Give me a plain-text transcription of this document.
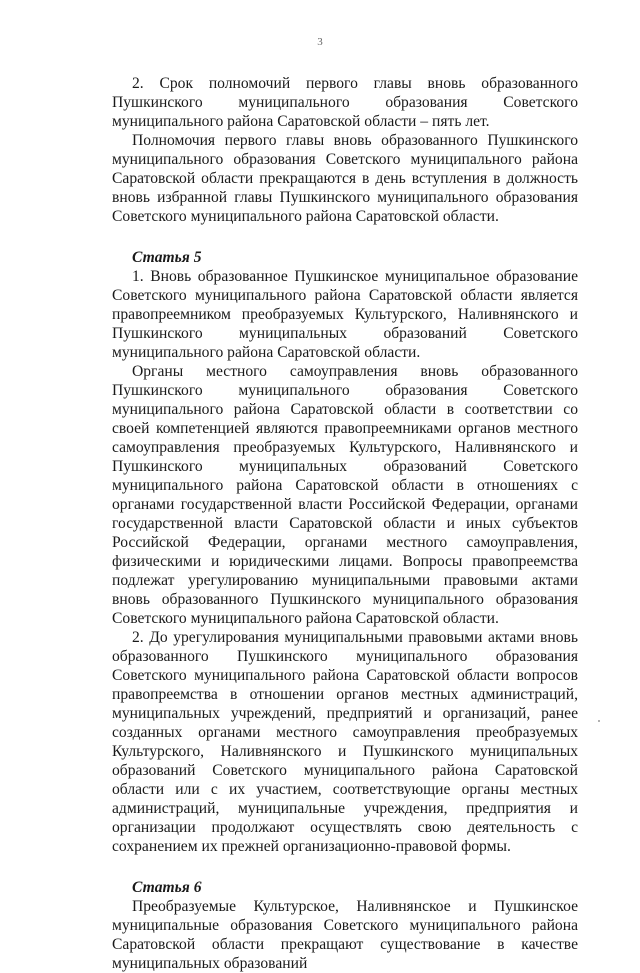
3

2. Срок полномочий первого главы вновь образованного Пушкинского муниципального образования Советского муниципального района Саратовской области – пять лет.

Полномочия первого главы вновь образованного Пушкинского муниципального образования Советского муниципального района Саратовской области прекращаются в день вступления в должность вновь избранной главы Пушкинского муниципального образования Советского муниципального района Саратовской области.

Статья 5

1. Вновь образованное Пушкинское муниципальное образование Советского муниципального района Саратовской области является правопреемником преобразуемых Культурского, Наливнянского и Пушкинского муниципальных образований Советского муниципального района Саратовской области.

Органы местного самоуправления вновь образованного Пушкинского муниципального образования Советского муниципального района Саратовской области в соответствии со своей компетенцией являются правопреемниками органов местного самоуправления преобразуемых Культурского, Наливнянского и Пушкинского муниципальных образований Советского муниципального района Саратовской области в отношениях с органами государственной власти Российской Федерации, органами государственной власти Саратовской области и иных субъектов Российской Федерации, органами местного самоуправления, физическими и юридическими лицами. Вопросы правопреемства подлежат урегулированию муниципальными правовыми актами вновь образованного Пушкинского муниципального образования Советского муниципального района Саратовской области.

2. До урегулирования муниципальными правовыми актами вновь образованного Пушкинского муниципального образования Советского муниципального района Саратовской области вопросов правопреемства в отношении органов местных администраций, муниципальных учреждений, предприятий и организаций, ранее созданных органами местного самоуправления преобразуемых Культурского, Наливнянского и Пушкинского муниципальных образований Советского муниципального района Саратовской области или с их участием, соответствующие органы местных администраций, муниципальные учреждения, предприятия и организации продолжают осуществлять свою деятельность с сохранением их прежней организационно-правовой формы.

Статья 6

Преобразуемые Культурское, Наливнянское и Пушкинское муниципальные образования Советского муниципального района Саратовской области прекращают существование в качестве муниципальных образований
